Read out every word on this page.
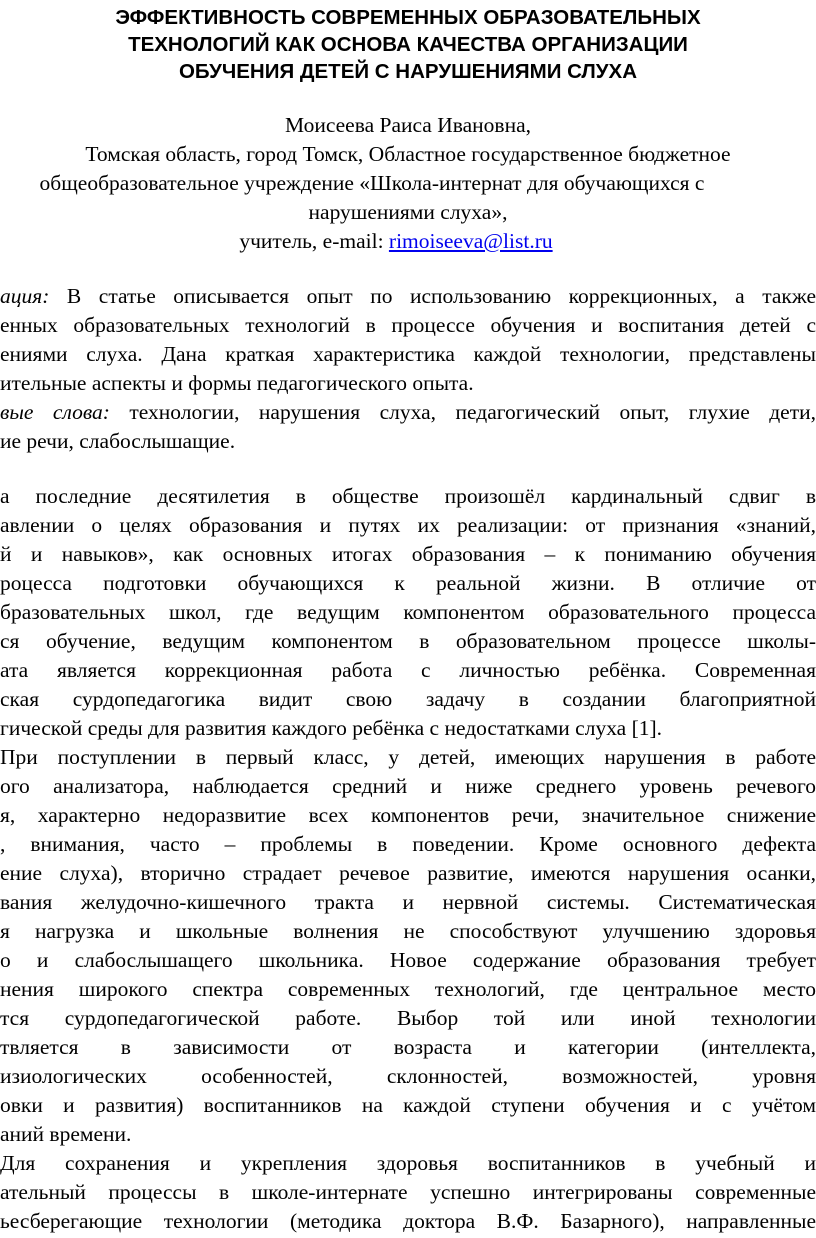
ЭФФЕКТИВНОСТЬ СОВРЕМЕННЫХ ОБРАЗОВАТЕЛЬНЫХ
ТЕХНОЛОГИЙ КАК ОСНОВА КАЧЕСТВА ОРГАНИЗАЦИИ
ОБУЧЕНИЯ ДЕТЕЙ С НАРУШЕНИЯМИ СЛУХА
Моисеева Раиса Ивановна,
Томская область, город Томск, Областное государственное бюджетное
общеобразовательное учреждение «Школа-интернат для обучающихся с
нарушениями слуха»,
учитель, e-mail: rimoiseeva@list.ru
ация: В статье описывается опыт по использованию коррекционных, а также
енных образовательных технологий в процессе обучения и воспитания детей с
ениями слуха. Дана краткая характеристика каждой технологии, представлены
ительные аспекты и формы педагогического опыта.
вые слова: технологии, нарушения слуха, педагогический опыт, глухие дети,
ие речи, слабослышащие.
а последние десятилетия в обществе произошёл кардинальный сдвиг в
авлении о целях образования и путях их реализации: от признания «знаний,
й и навыков», как основных итогах образования – к пониманию обучения
роцесса подготовки обучающихся к реальной жизни. В отличие от
бразовательных школ, где ведущим компонентом образовательного процесса
ся обучение, ведущим компонентом в образовательном процессе школы-
ата является коррекционная работа с личностью ребёнка. Современная
ская сурдопедагогика видит свою задачу в создании благоприятной
гической среды для развития каждого ребёнка с недостатками слуха [1].
При поступлении в первый класс, у детей, имеющих нарушения в работе
ого анализатора, наблюдается средний и ниже среднего уровень речевого
я, характерно недоразвитие всех компонентов речи, значительное снижение
, внимания, часто – проблемы в поведении. Кроме основного дефекта
ение слуха), вторично страдает речевое развитие, имеются нарушения осанки,
вания желудочно-кишечного тракта и нервной системы. Систематическая
я нагрузка и школьные волнения не способствуют улучшению здоровья
о и слабослышащего школьника. Новое содержание образования требует
нения широкого спектра современных технологий, где центральное место
тся сурдопедагогической работе. Выбор той или иной технологии
твляется в зависимости от возраста и категории (интеллекта,
изиологических особенностей, склонностей, возможностей, уровня
овки и развития) воспитанников на каждой ступени обучения и с учётом
аний времени.
Для сохранения и укрепления здоровья воспитанников в учебный и
ательный процессы в школе-интернате успешно интегрированы современные
ьесберегающие технологии (методика доктора В.Ф. Базарного), направленные
